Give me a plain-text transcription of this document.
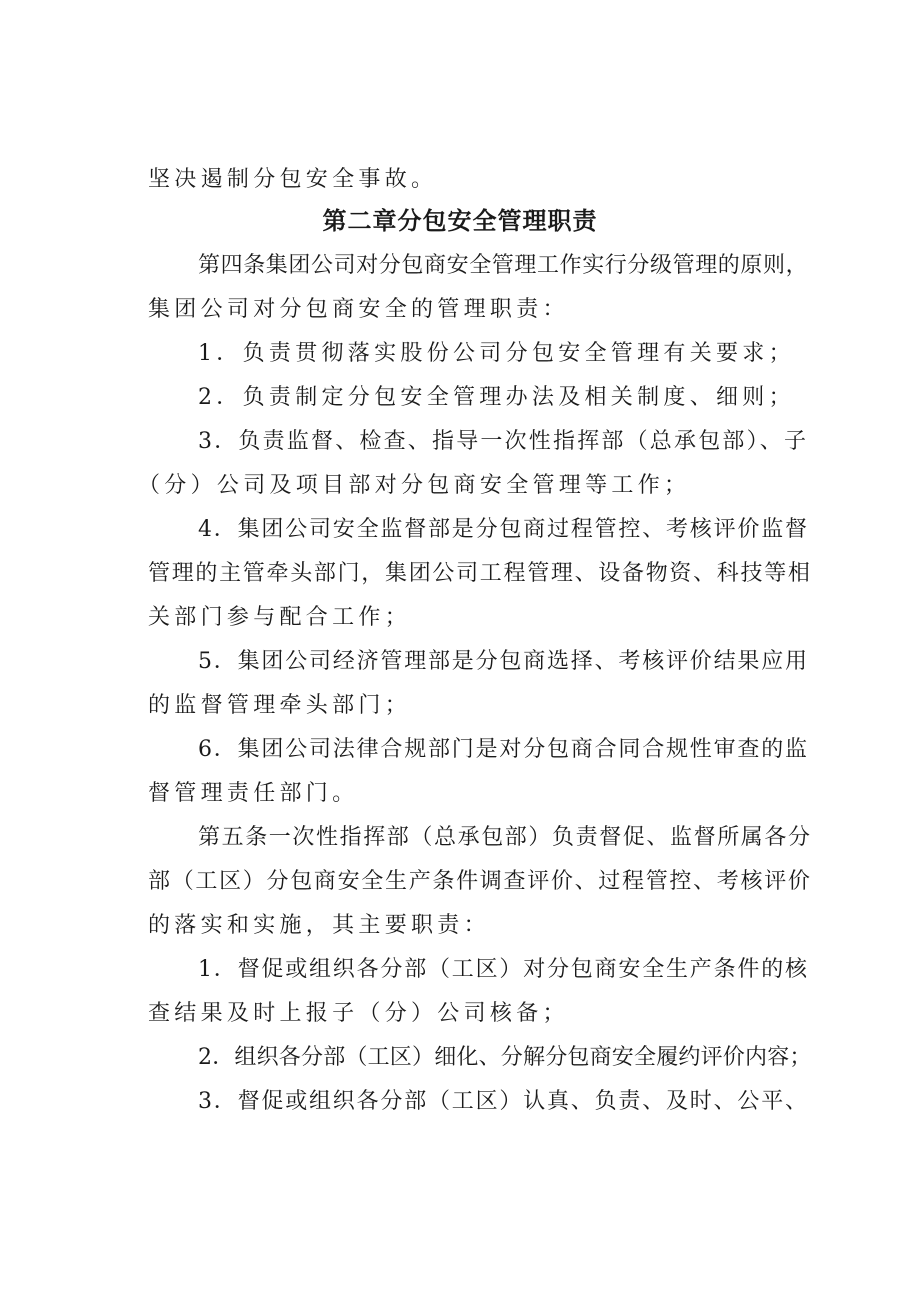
坚决遏制分包安全事故。
第二章分包安全管理职责
第四条集团公司对分包商安全管理工作实行分级管理的原则，
集团公司对分包商安全的管理职责：
1．负责贯彻落实股份公司分包安全管理有关要求；
2．负责制定分包安全管理办法及相关制度、细则；
3．负责监督、检查、指导一次性指挥部（总承包部）、子
（分）公司及项目部对分包商安全管理等工作；
4．集团公司安全监督部是分包商过程管控、考核评价监督
管理的主管牵头部门，集团公司工程管理、设备物资、科技等相
关部门参与配合工作；
5．集团公司经济管理部是分包商选择、考核评价结果应用
的监督管理牵头部门；
6．集团公司法律合规部门是对分包商合同合规性审查的监
督管理责任部门。
第五条一次性指挥部（总承包部）负责督促、监督所属各分
部（工区）分包商安全生产条件调查评价、过程管控、考核评价
的落实和实施，其主要职责：
1．督促或组织各分部（工区）对分包商安全生产条件的核
查结果及时上报子（分）公司核备；
2．组织各分部（工区）细化、分解分包商安全履约评价内容；
3．督促或组织各分部（工区）认真、负责、及时、公平、
